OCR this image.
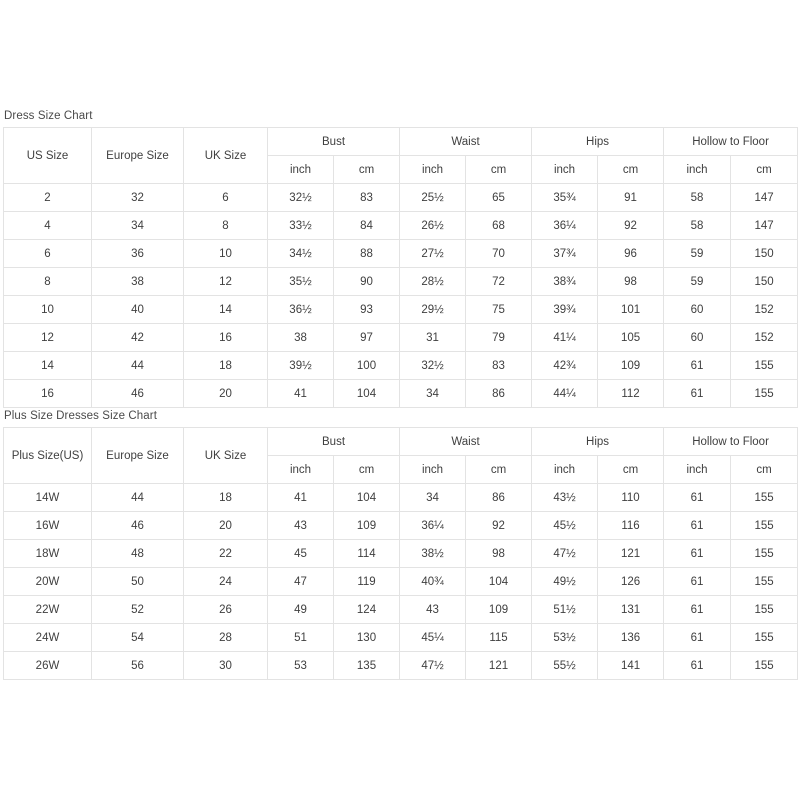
Dress Size Chart
US Size	Europe Size	UK Size	Bust		Waist		Hips		Hollow to Floor	
			inch	cm	inch	cm	inch	cm	inch	cm
2	32	6	32½	83	25½	65	35¾	91	58	147
4	34	8	33½	84	26½	68	36¼	92	58	147
6	36	10	34½	88	27½	70	37¾	96	59	150
8	38	12	35½	90	28½	72	38¾	98	59	150
10	40	14	36½	93	29½	75	39¾	101	60	152
12	42	16	38	97	31	79	41¼	105	60	152
14	44	18	39½	100	32½	83	42¾	109	61	155
16	46	20	41	104	34	86	44¼	112	61	155
Plus Size Dresses Size Chart
Plus Size(US)	Europe Size	UK Size	Bust		Waist		Hips		Hollow to Floor	
			inch	cm	inch	cm	inch	cm	inch	cm
14W	44	18	41	104	34	86	43½	110	61	155
16W	46	20	43	109	36¼	92	45½	116	61	155
18W	48	22	45	114	38½	98	47½	121	61	155
20W	50	24	47	119	40¾	104	49½	126	61	155
22W	52	26	49	124	43	109	51½	131	61	155
24W	54	28	51	130	45¼	115	53½	136	61	155
26W	56	30	53	135	47½	121	55½	141	61	155
